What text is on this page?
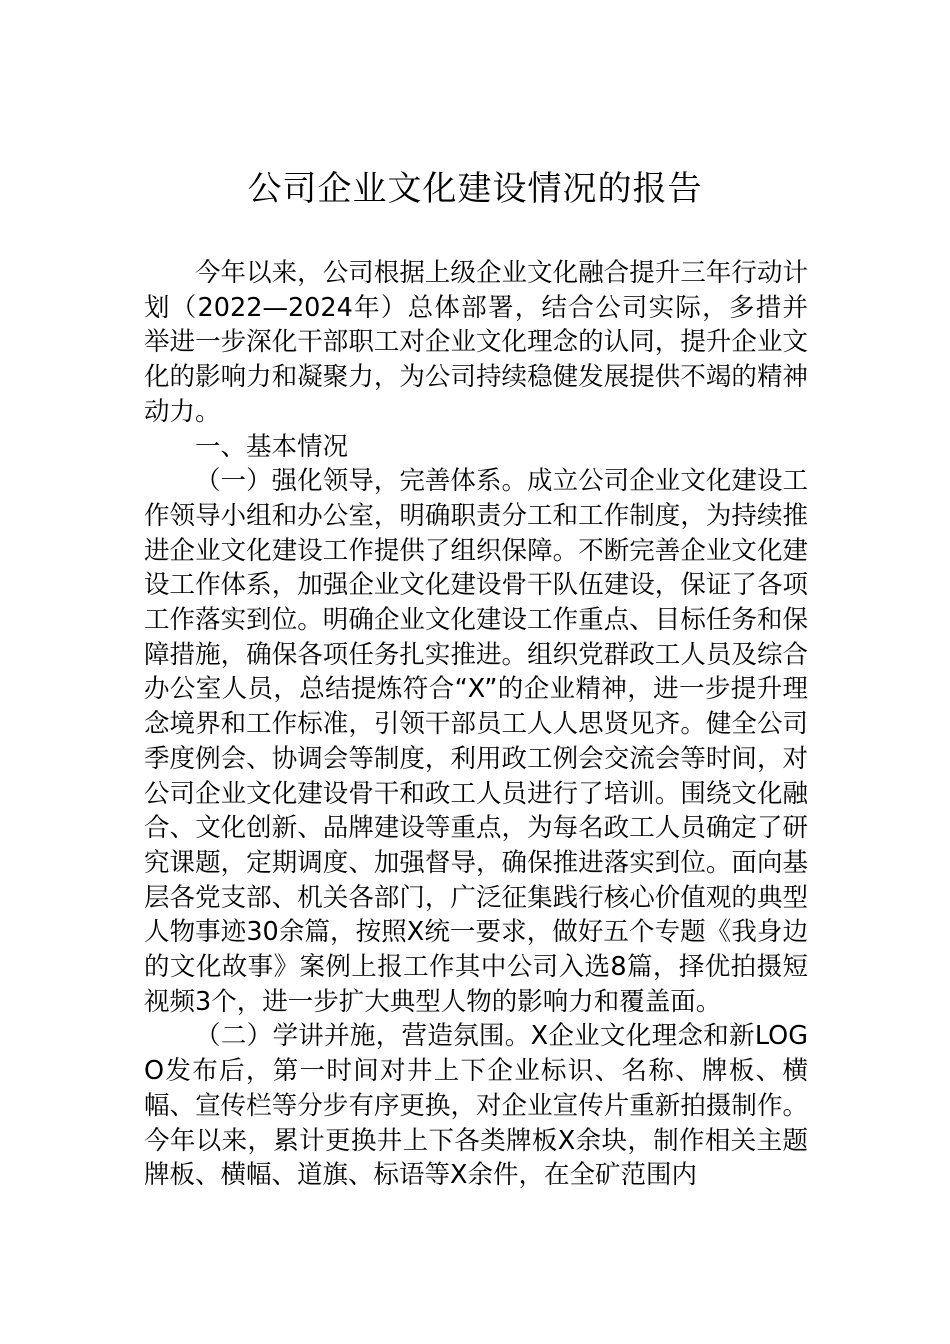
公司企业文化建设情况的报告

今年以来，公司根据上级企业文化融合提升三年行动计划（2022—2024年）总体部署，结合公司实际，多措并举进一步深化干部职工对企业文化理念的认同，提升企业文化的影响力和凝聚力，为公司持续稳健发展提供不竭的精神动力。

一、基本情况

（一）强化领导，完善体系。成立公司企业文化建设工作领导小组和办公室，明确职责分工和工作制度，为持续推进企业文化建设工作提供了组织保障。不断完善企业文化建设工作体系，加强企业文化建设骨干队伍建设，保证了各项工作落实到位。明确企业文化建设工作重点、目标任务和保障措施，确保各项任务扎实推进。组织党群政工人员及综合办公室人员，总结提炼符合“X”的企业精神，进一步提升理念境界和工作标准，引领干部员工人人思贤见齐。健全公司季度例会、协调会等制度，利用政工例会交流会等时间，对公司企业文化建设骨干和政工人员进行了培训。围绕文化融合、文化创新、品牌建设等重点，为每名政工人员确定了研究课题，定期调度、加强督导，确保推进落实到位。面向基层各党支部、机关各部门，广泛征集践行核心价值观的典型人物事迹30余篇，按照X统一要求，做好五个专题《我身边的文化故事》案例上报工作其中公司入选8篇，择优拍摄短视频3个，进一步扩大典型人物的影响力和覆盖面。

（二）学讲并施，营造氛围。X企业文化理念和新LOGO发布后，第一时间对井上下企业标识、名称、牌板、横幅、宣传栏等分步有序更换，对企业宣传片重新拍摄制作。今年以来，累计更换井上下各类牌板X余块，制作相关主题牌板、横幅、道旗、标语等X余件，在全矿范围内
